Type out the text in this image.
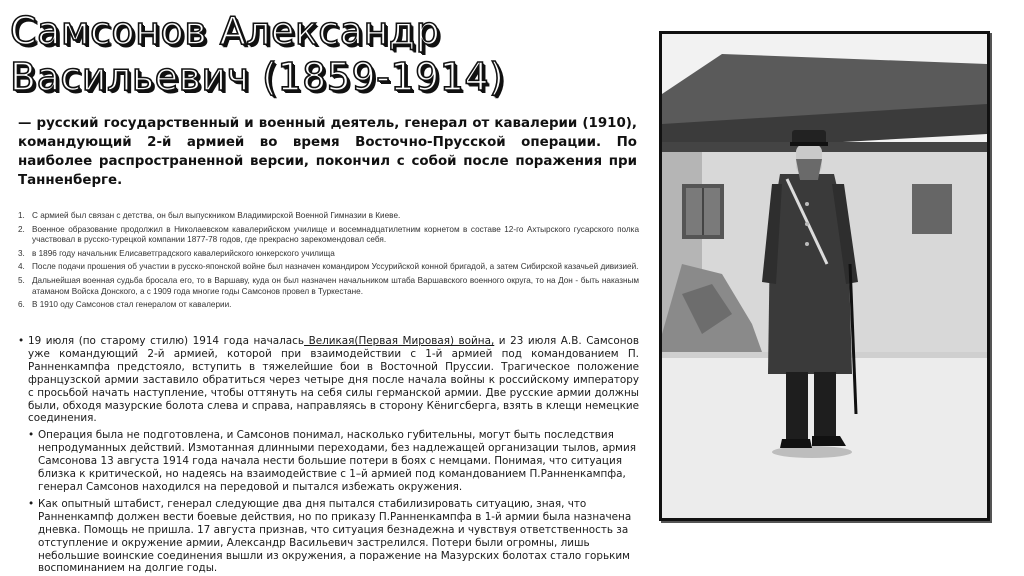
Самсонов Александр
Васильевич (1859-1914)
— русский государственный и военный деятель, генерал от кавалерии (1910), командующий 2-й армией во время Восточно-Прусской операции. По наиболее распространенной версии, покончил с собой после поражения при Танненберге.
1. С армией был связан с детства, он был выпускником Владимирской Военной Гимназии в Киеве.
2. Военное образование продолжил в Николаевском кавалерийском училище и восемнадцатилетним корнетом в составе 12-го Ахтырского гусарского полка участвовал в русско-турецкой компании 1877-78 годов, где прекрасно зарекомендовал себя.
3. в 1896 году начальник Елисаветградского кавалерийского юнкерского училища
4. После подачи прошения об участии в русско-японской войне был назначен командиром Уссурийской конной бригадой, а затем Сибирской казачьей дивизией.
5. Дальнейшая военная судьба бросала его, то в Варшаву, куда он был назначен начальником штаба Варшавского военного округа, то на Дон - быть наказным атаманом Войска Донского, а с 1909 года многие годы Самсонов провел в Туркестане.
6. В 1910 оду Самсонов стал генералом от кавалерии.
• 19 июля (по старому стилю) 1914 года началась Великая(Первая Мировая) война, и 23 июля А.В. Самсонов уже командующий 2-й армией, которой при взаимодействии с 1-й армией под командованием П. Ранненкампфа предстояло, вступить в тяжелейшие бои в Восточной Пруссии. Трагическое положение французской армии заставило обратиться через четыре дня после начала войны к российскому императору с просьбой начать наступление, чтобы оттянуть на себя силы германской армии. Две русские армии должны были, обходя мазурские болота слева и справа, направляясь в сторону Кёнигсберга, взять в клещи немецкие соединения.
• Операция была не подготовлена, и Самсонов понимал, насколько губительны, могут быть последствия непродуманных действий. Измотанная длинными переходами, без надлежащей организации тылов, армия Самсонова 13 августа 1914 года начала нести большие потери в боях с немцами. Понимая, что ситуация близка к критической, но надеясь на взаимодействие с 1–й армией под командованием П.Ранненкампфа, генерал Самсонов находился на передовой и пытался избежать окружения.
• Как опытный штабист, генерал следующие два дня пытался стабилизировать ситуацию, зная, что Ранненкампф должен вести боевые действия, но по приказу П.Ранненкампфа в 1-й армии была назначена дневка. Помощь не пришла. 17 августа признав, что ситуация безнадежна и чувствуя ответственность за отступление и окружение армии, Александр Васильевич застрелился. Потери были огромны, лишь небольшие воинские соединения вышли из окружения, а поражение на Мазурских болотах стало горьким воспоминанием на долгие годы.
